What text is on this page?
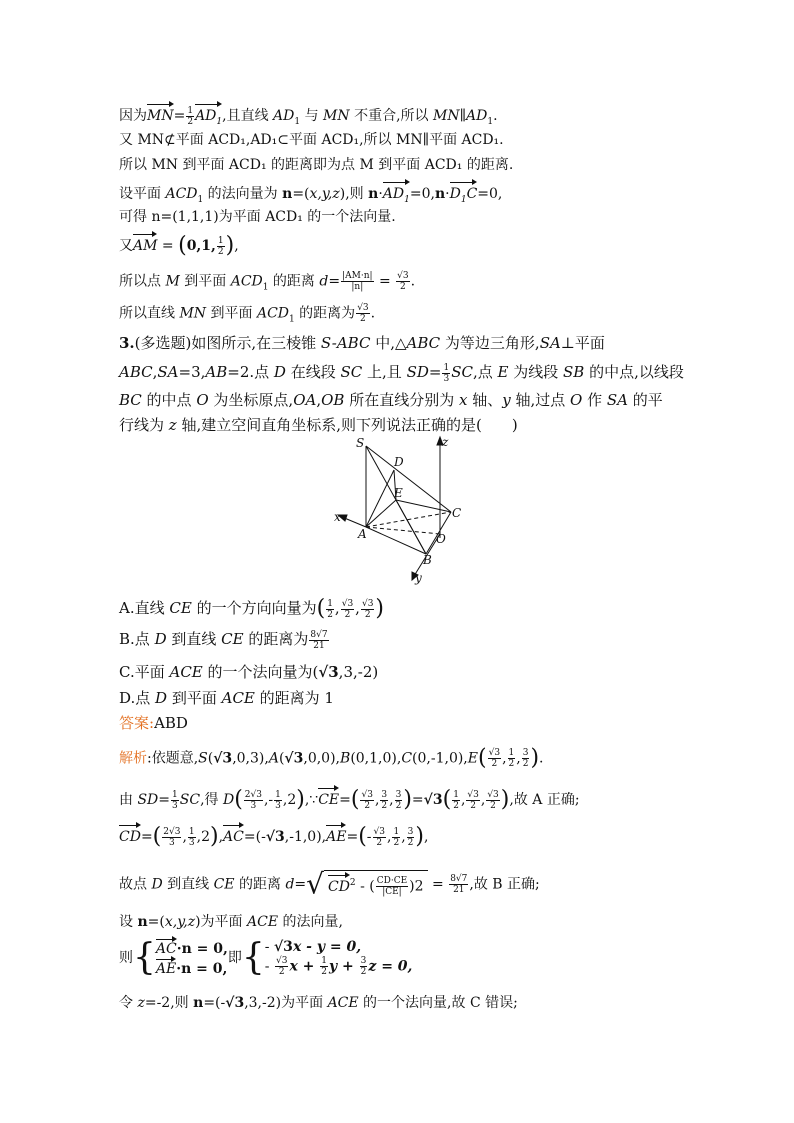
因为$MN= \frac{1}{2} AD_1$,且直线 $AD_1$ 与 MN 不重合,所以 $MN\parallel AD_1$.
又 MN⊄平面 ACD₁,AD₁⊂平面 ACD₁,所以 MN∥平面 ACD₁.
所以 MN 到平面 ACD₁ 的距离即为点 M 到平面 ACD₁ 的距离.
设平面 $ACD_1$ 的法向量为 n=(x,y,z),则 $n\cdot AD_1=0,n\cdot D_1C=0$,
可得 n=(1,1,1)为平面 ACD₁ 的一个法向量.
又AM = (0,1, $\frac{1}{2}$ ),
所以点 M 到平面 $ACD_1$ 的距离 $d= \frac{|AM\cdot n|}{|n|} = \frac{√3}{2}$ .
所以直线 MN 到平面 $ACD_1$ 的距离为 $\frac{√3}{2}$ .
3.(多选题)如图所示,在三棱锥 S-ABC 中,△ABC 为等边三角形,SA⊥平面
ABC,SA=3,AB=2.点 D 在线段 SC 上,且 $SD= \frac{1}{3}$ SC,点 E 为线段 SB 的中点,以线段
BC 的中点 O 为坐标原点,OA,OB 所在直线分别为 x 轴、y 轴,过点 O 作 SA 的平
行线为 z 轴,建立空间直角坐标系,则下列说法正确的是(　　)
S
D
z
E
C
x
A	O
B
y
A.直线 CE 的一个方向向量为( $\frac{1}{2}$ , $\frac{√3}{2}$ , $\frac{√3}{2}$ )
B.点 D 到直线 CE 的距离为 $\frac{8√7}{21}$
C.平面 ACE 的一个法向量为(√3,3,-2)
D.点 D 到平面 ACE 的距离为 1
答案:ABD
解析:依题意$,S(√3,0,3),A(√3,0,0),B(0,1,0),C(0,-1,0),E( \frac{√3}{2}$ , $\frac{1}{2}$ , $\frac{3}{2}$ ).
由 $SD= \frac{1}{3}$ SC,得 $D( \frac{2√3}{3}$ ,- $\frac{1}{3}$ ,2),∵CE=( $\frac{√3}{2}$ , $\frac{3}{2}$ , $\frac{3}{2} )=√3( \frac{1}{2}$ , $\frac{√3}{2}$ , $\frac{√3}{2}$ ),故 A 正确;
$CD=( \frac{2√3}{3}$ , $\frac{1}{3} ,2),AC=(-√3,-1,0),AE=(- \frac{√3}{2}$ , $\frac{1}{2}$ , $\frac{3}{2}$ ),
故点 D 到直线 CE 的距离 d=√ $CD^2$ - ( $\frac{CD\cdot CE}{|CE|} )2 = \frac{8√7}{21}$ ,故 B 正确;
设 n=(x,y,z)为平面 ACE 的法向量,
则{ AC·n = 0,
AE·n = 0,
即{ - √3x - y = 0,
- $\frac{√3}{2}$ $x + \frac{1}{2}$ $y + \frac{3}{2}$ z = 0,
令 z=-2,则 n=(-√3,3,-2)为平面 ACE 的一个法向量,故 C 错误;
